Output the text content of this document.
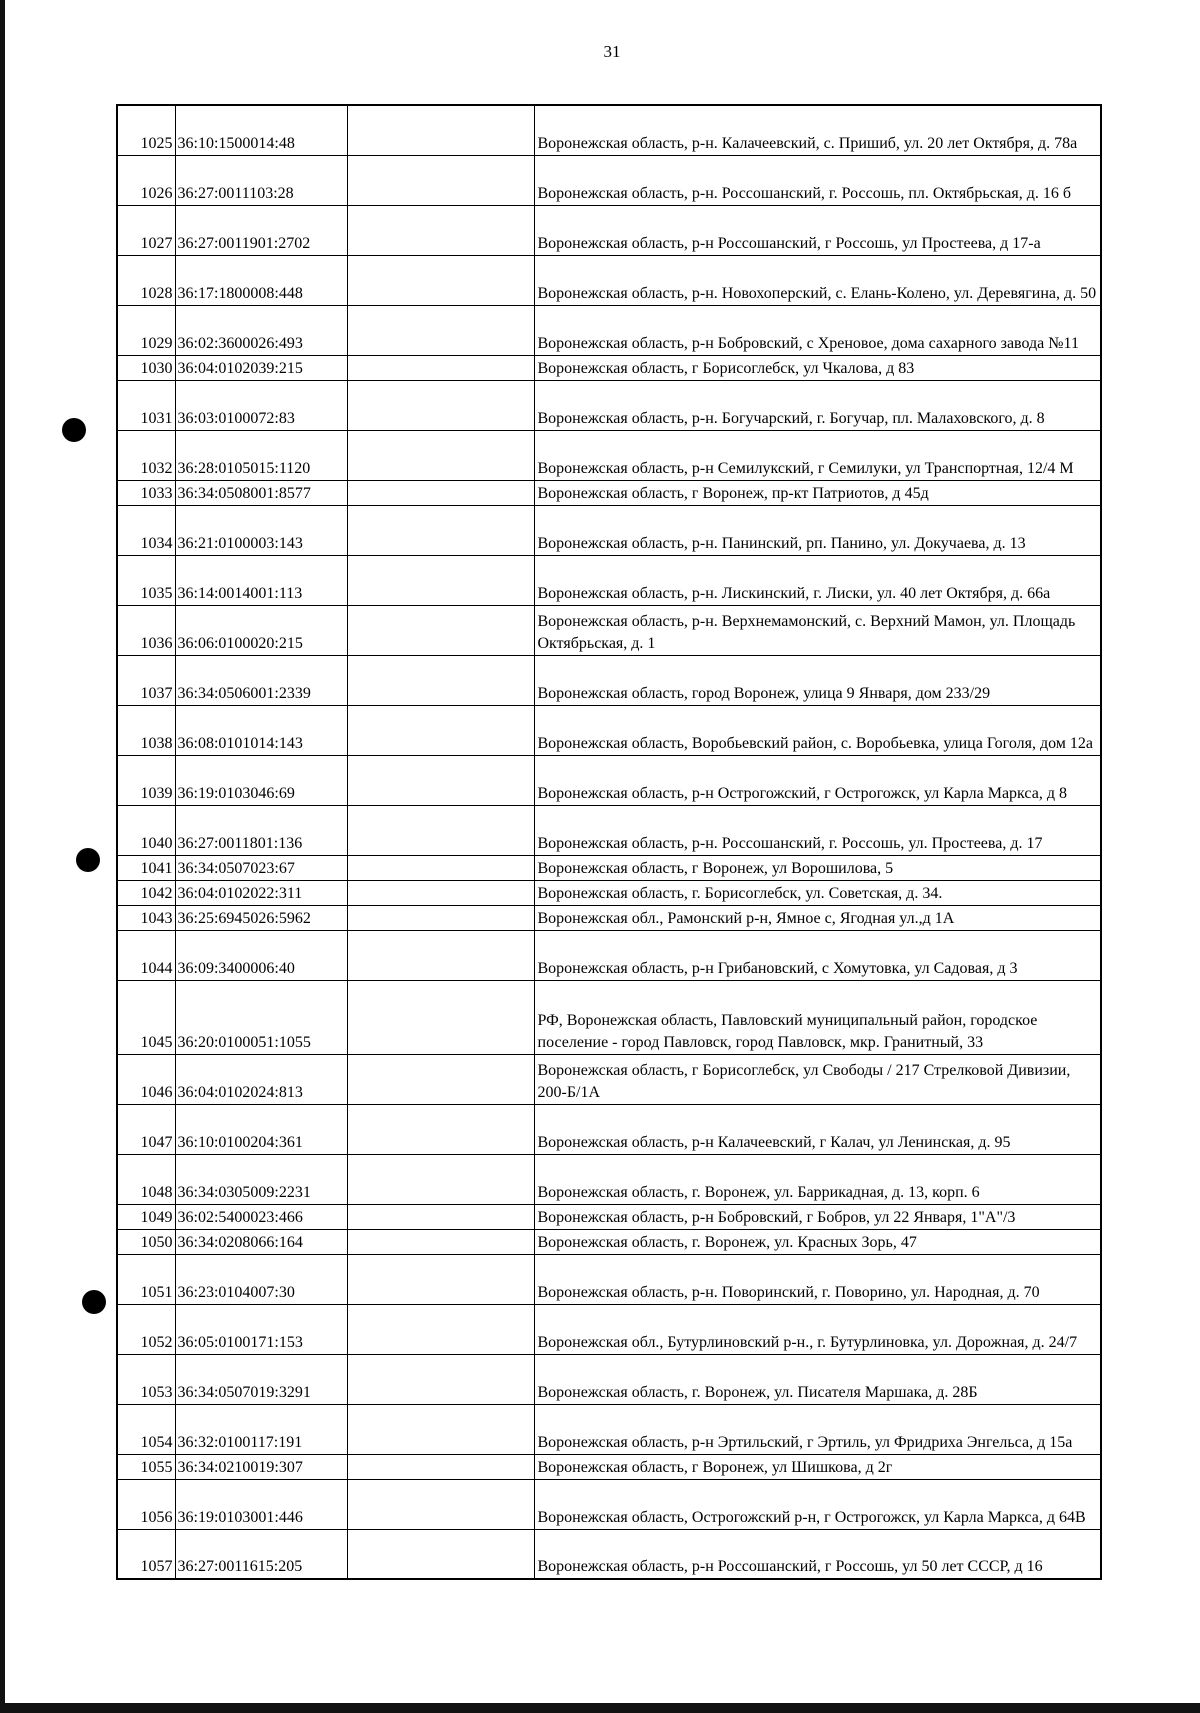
31
1025	36:10:1500014:48		Воронежская область, р-н. Калачеевский, с. Пришиб, ул. 20 лет Октября, д. 78а
1026	36:27:0011103:28		Воронежская область, р-н. Россошанский, г. Россошь, пл. Октябрьская, д. 16 б
1027	36:27:0011901:2702		Воронежская область, р-н Россошанский, г Россошь, ул Простеева, д 17-а
1028	36:17:1800008:448		Воронежская область, р-н. Новохоперский, с. Елань-Колено, ул. Деревягина, д. 50
1029	36:02:3600026:493		Воронежская область, р-н Бобровский, с Хреновое, дома сахарного завода №11
1030	36:04:0102039:215		Воронежская область, г Борисоглебск, ул Чкалова, д 83
1031	36:03:0100072:83		Воронежская область, р-н. Богучарский, г. Богучар, пл. Малаховского, д. 8
1032	36:28:0105015:1120		Воронежская область, р-н Семилукский, г Семилуки, ул Транспортная, 12/4 М
1033	36:34:0508001:8577		Воронежская область, г Воронеж, пр-кт Патриотов, д 45д
1034	36:21:0100003:143		Воронежская область, р-н. Панинский, рп. Панино, ул. Докучаева, д. 13
1035	36:14:0014001:113		Воронежская область, р-н. Лискинский, г. Лиски, ул. 40 лет Октября, д. 66а
1036	36:06:0100020:215		Воронежская область, р-н. Верхнемамонский, с. Верхний Мамон, ул. Площадь Октябрьская, д. 1
1037	36:34:0506001:2339		Воронежская область, город Воронеж, улица 9 Января, дом 233/29
1038	36:08:0101014:143		Воронежская область, Воробьевский район, с. Воробьевка, улица Гоголя, дом 12а
1039	36:19:0103046:69		Воронежская область, р-н Острогожский, г Острогожск, ул Карла Маркса, д 8
1040	36:27:0011801:136		Воронежская область, р-н. Россошанский, г. Россошь, ул. Простеева, д. 17
1041	36:34:0507023:67		Воронежская область, г Воронеж, ул Ворошилова, 5
1042	36:04:0102022:311		Воронежская область, г. Борисоглебск, ул. Советская, д. 34.
1043	36:25:6945026:5962		Воронежская обл., Рамонский р-н, Ямное с, Ягодная ул.,д 1А
1044	36:09:3400006:40		Воронежская область, р-н Грибановский, с Хомутовка, ул Садовая, д 3
1045	36:20:0100051:1055		РФ, Воронежская область, Павловский муниципальный район, городское поселение - город Павловск, город Павловск, мкр. Гранитный, 33
1046	36:04:0102024:813		Воронежская область, г Борисоглебск, ул Свободы / 217 Стрелковой Дивизии, 200-Б/1А
1047	36:10:0100204:361		Воронежская область, р-н Калачеевский, г Калач, ул Ленинская, д. 95
1048	36:34:0305009:2231		Воронежская область, г. Воронеж, ул. Баррикадная, д. 13, корп. 6
1049	36:02:5400023:466		Воронежская область, р-н Бобровский, г Бобров, ул 22 Января, 1"А"/3
1050	36:34:0208066:164		Воронежская область, г. Воронеж, ул. Красных Зорь, 47
1051	36:23:0104007:30		Воронежская область, р-н. Поворинский, г. Поворино, ул. Народная, д. 70
1052	36:05:0100171:153		Воронежская обл., Бутурлиновский р-н., г. Бутурлиновка, ул. Дорожная, д. 24/7
1053	36:34:0507019:3291		Воронежская область, г. Воронеж, ул. Писателя Маршака, д. 28Б
1054	36:32:0100117:191		Воронежская область, р-н Эртильский, г Эртиль, ул Фридриха Энгельса, д 15а
1055	36:34:0210019:307		Воронежская область, г Воронеж, ул Шишкова, д 2г
1056	36:19:0103001:446		Воронежская область, Острогожский р-н, г Острогожск, ул Карла Маркса, д 64В
1057	36:27:0011615:205		Воронежская область, р-н Россошанский, г Россошь, ул 50 лет СССР, д 16
